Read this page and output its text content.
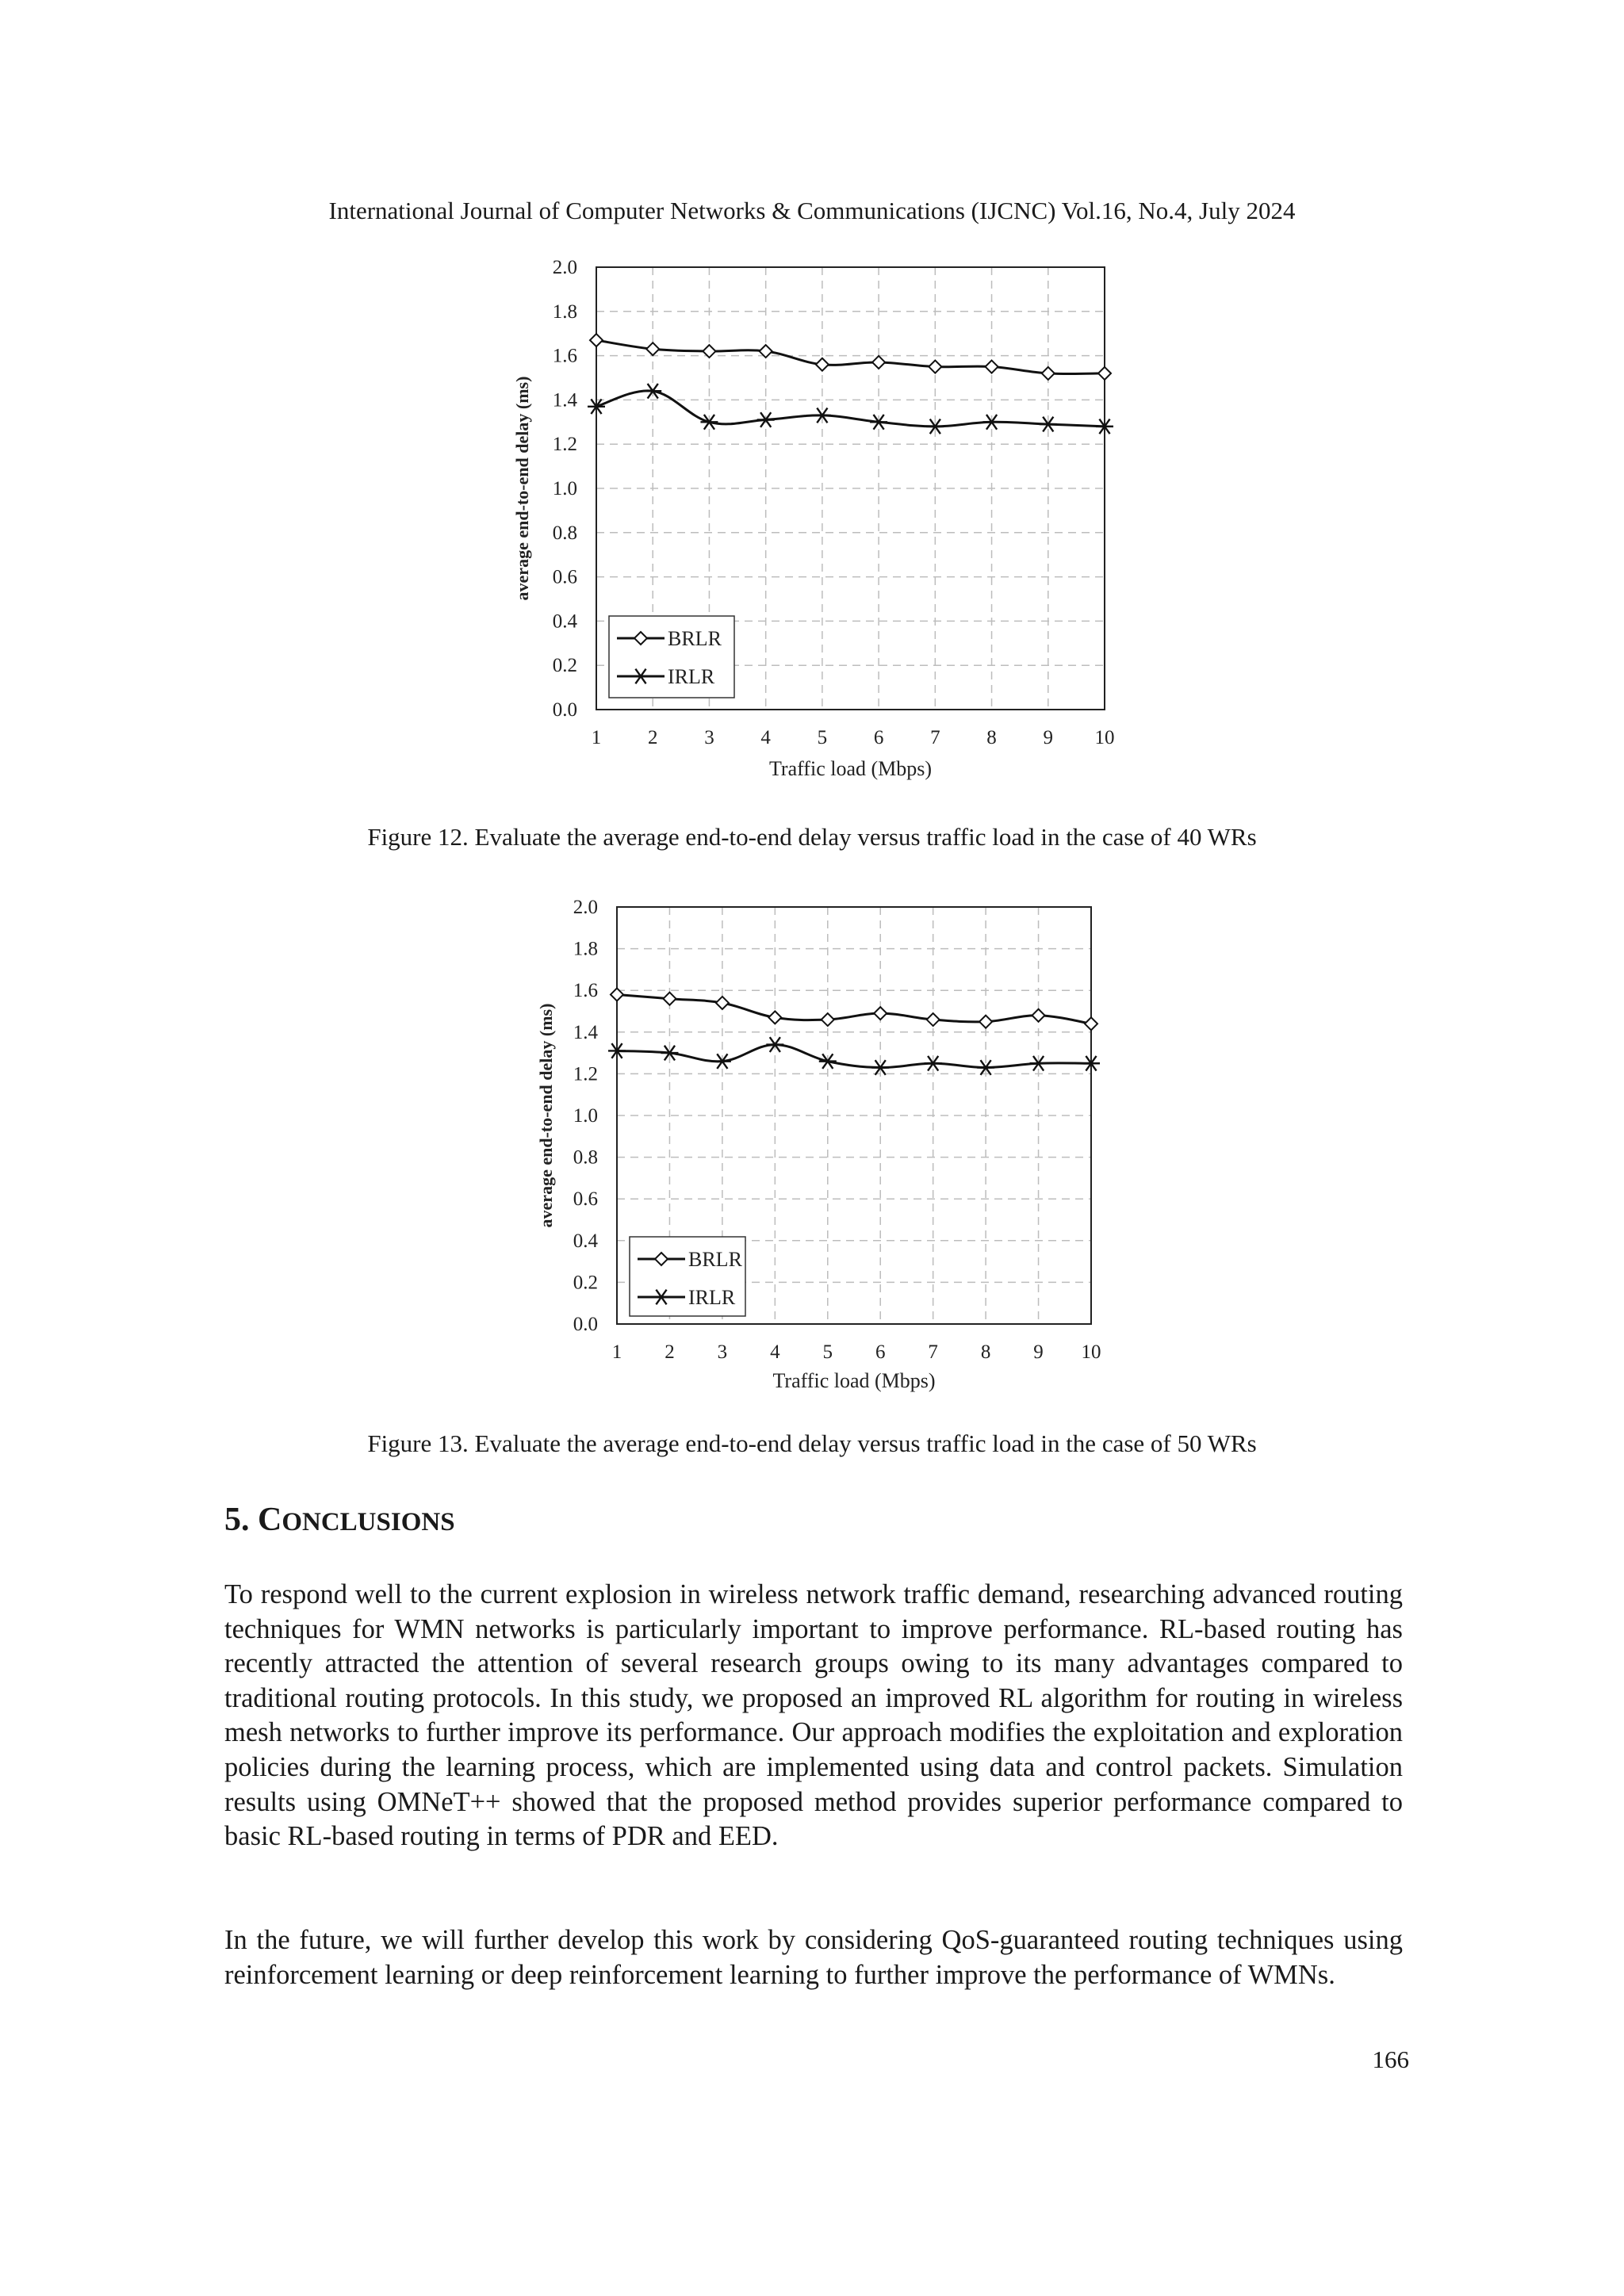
International Journal of Computer Networks & Communications (IJCNC) Vol.16, No.4, July 2024
0.0
0.2
0.4
0.6
0.8
1.0
1.2
1.4
1.6
1.8
2.0
1 2 3 4 5 6 7 8 9 10
Traffic load (Mbps)
average end-to-end delay (ms)
BRLR
IRLR
Figure 12. Evaluate the average end-to-end delay versus traffic load in the case of 40 WRs
0.0
0.2
0.4
0.6
0.8
1.0
1.2
1.4
1.6
1.8
2.0
1 2 3 4 5 6 7 8 9 10
Traffic load (Mbps)
average end-to-end delay (ms)
BRLR
IRLR
Figure 13. Evaluate the average end-to-end delay versus traffic load in the case of 50 WRs
5. CONCLUSIONS

To respond well to the current explosion in wireless network traffic demand, researching advanced routing techniques for WMN networks is particularly important to improve performance. RL-based routing has recently attracted the attention of several research groups owing to its many advantages compared to traditional routing protocols. In this study, we proposed an improved RL algorithm for routing in wireless mesh networks to further improve its performance. Our approach modifies the exploitation and exploration policies during the learning process, which are implemented using data and control packets. Simulation results using OMNeT++ showed that the proposed method provides superior performance compared to basic RL-based routing in terms of PDR and EED.

In the future, we will further develop this work by considering QoS-guaranteed routing techniques using reinforcement learning or deep reinforcement learning to further improve the performance of WMNs.

166
